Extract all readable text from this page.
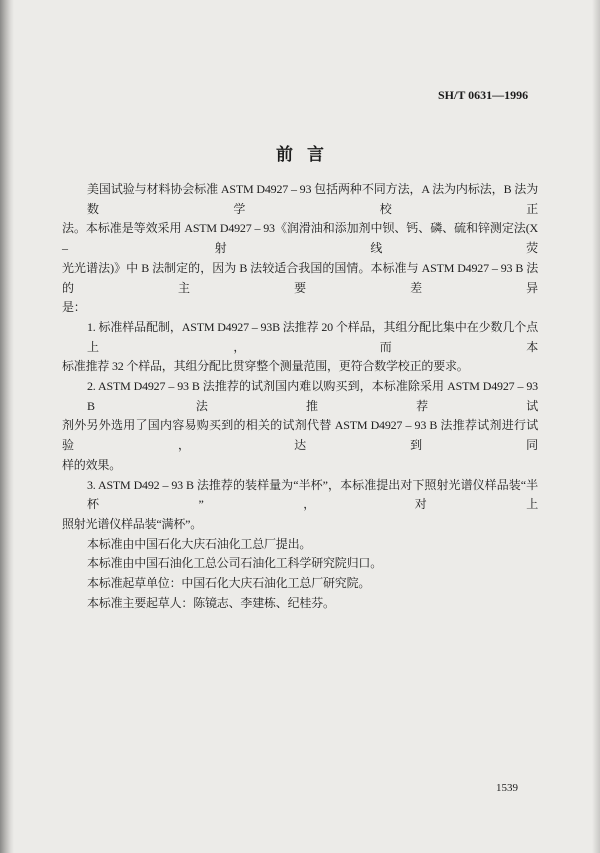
SH/T 0631—1996
前言
美国试验与材料协会标准 ASTM D4927 – 93 包括两种不同方法，A 法为内标法，B 法为数学校正
法。本标准是等效采用 ASTM D4927 – 93《润滑油和添加剂中钡、钙、磷、硫和锌测定法(X – 射线荧
光光谱法)》中 B 法制定的，因为 B 法较适合我国的国情。本标准与 ASTM D4927 – 93 B 法的主要差异
是：
1. 标准样品配制，ASTM D4927 – 93B 法推荐 20 个样品，其组分配比集中在少数几个点上，而本
标准推荐 32 个样品，其组分配比贯穿整个测量范围，更符合数学校正的要求。
2. ASTM D4927 – 93 B 法推荐的试剂国内难以购买到，本标准除采用 ASTM D4927 – 93 B 法推荐试
剂外另外选用了国内容易购买到的相关的试剂代替 ASTM D4927 – 93 B 法推荐试剂进行试验，达到同
样的效果。
3. ASTM D492 – 93 B 法推荐的装样量为“半杯”，本标准提出对下照射光谱仪样品装“半杯”，对上
照射光谱仪样品装“满杯”。
本标准由中国石化大庆石油化工总厂提出。
本标准由中国石油化工总公司石油化工科学研究院归口。
本标准起草单位：中国石化大庆石油化工总厂研究院。
本标准主要起草人：陈镜志、李建栋、纪桂芬。
1539
